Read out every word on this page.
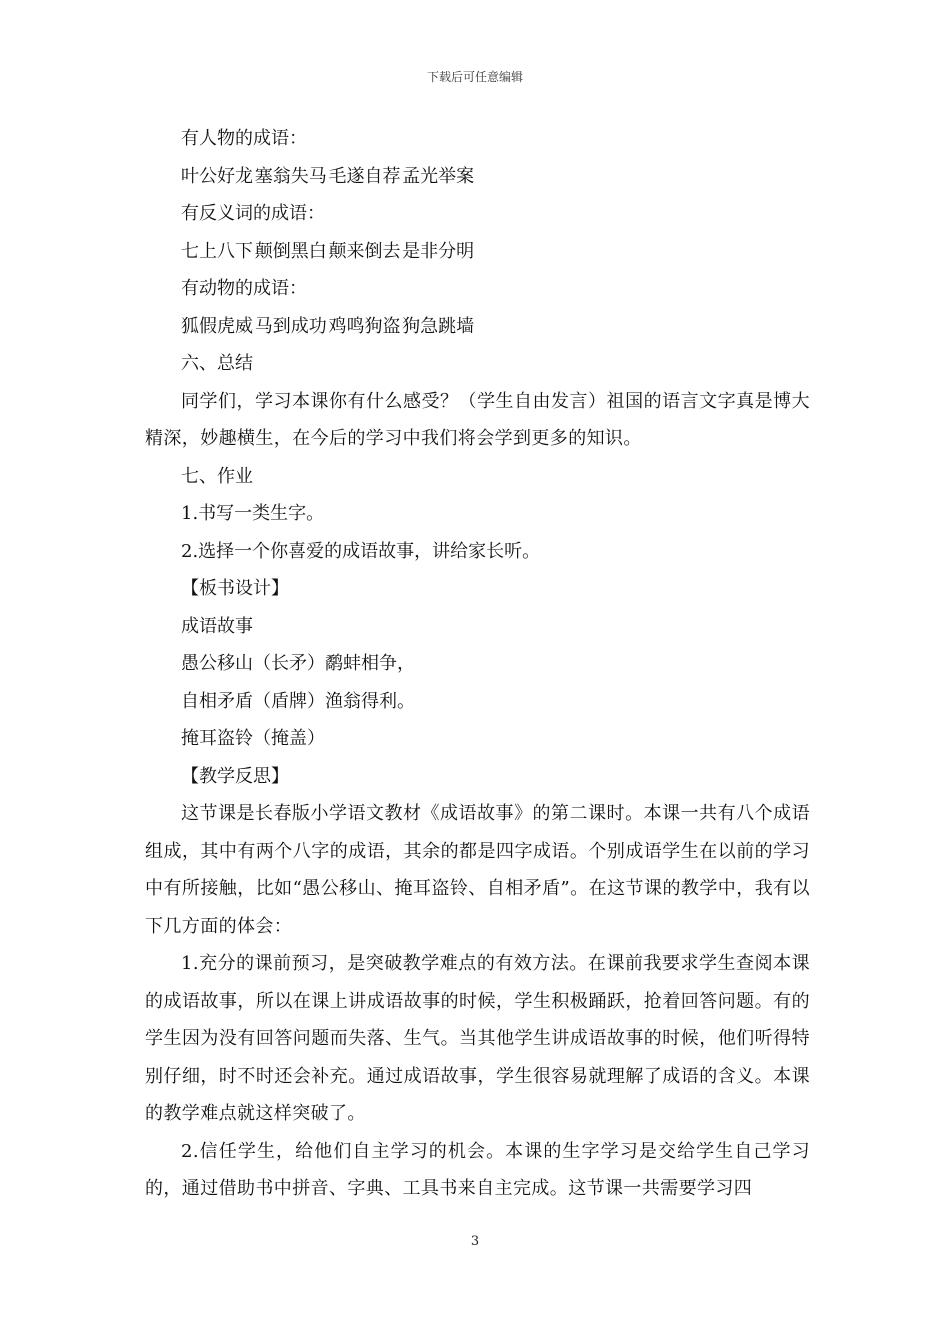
下载后可任意编辑

有人物的成语：

叶公好龙 塞翁失马 毛遂自荐 孟光举案

有反义词的成语：

七上八下 颠倒黑白 颠来倒去 是非分明

有动物的成语：

狐假虎威 马到成功 鸡鸣狗盗 狗急跳墙

六、总结

同学们，学习本课你有什么感受？（学生自由发言）祖国的语言文字真是博大精深，妙趣横生，在今后的学习中我们将会学到更多的知识。

七、作业

1.书写一类生字。

2.选择一个你喜爱的成语故事，讲给家长听。

【板书设计】

成语故事

愚公移山（长矛）鹬蚌相争，

自相矛盾（盾牌）渔翁得利。

掩耳盗铃（掩盖）

【教学反思】

这节课是长春版小学语文教材《成语故事》的第二课时。本课一共有八个成语组成，其中有两个八字的成语，其余的都是四字成语。个别成语学生在以前的学习中有所接触，比如“愚公移山、掩耳盗铃、自相矛盾”。在这节课的教学中，我有以下几方面的体会：

1.充分的课前预习，是突破教学难点的有效方法。在课前我要求学生查阅本课的成语故事，所以在课上讲成语故事的时候，学生积极踊跃，抢着回答问题。有的学生因为没有回答问题而失落、生气。当其他学生讲成语故事的时候，他们听得特别仔细，时不时还会补充。通过成语故事，学生很容易就理解了成语的含义。本课的教学难点就这样突破了。

2.信任学生，给他们自主学习的机会。本课的生字学习是交给学生自己学习的，通过借助书中拼音、字典、工具书来自主完成。这节课一共需要学习四

3
